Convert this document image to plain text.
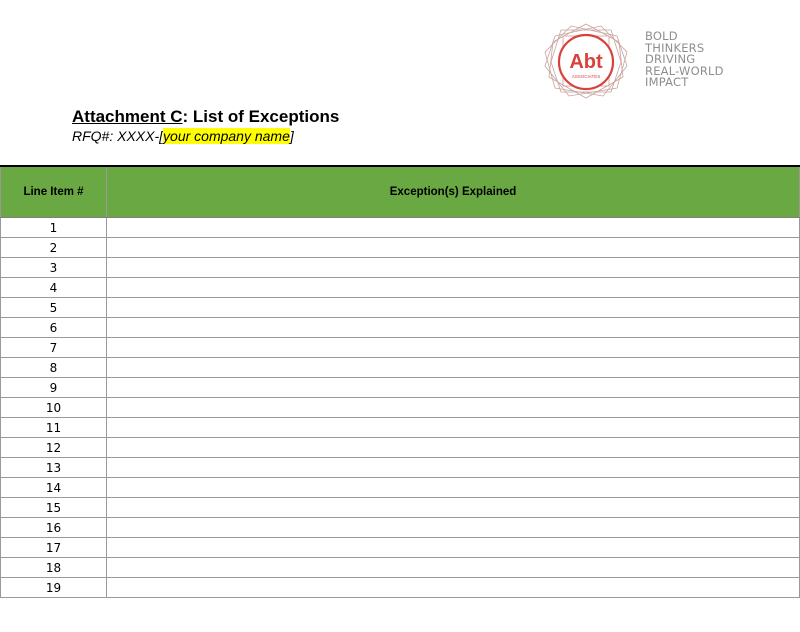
Abt
ASSOCIATES
BOLD
THINKERS
DRIVING
REAL-WORLD
IMPACT
Attachment C: List of Exceptions
RFQ#: XXXX-[your company name]
Line Item #	Exception(s) Explained
1	
2	
3	
4	
5	
6	
7	
8	
9	
10	
11	
12	
13	
14	
15	
16	
17	
18	
19	
